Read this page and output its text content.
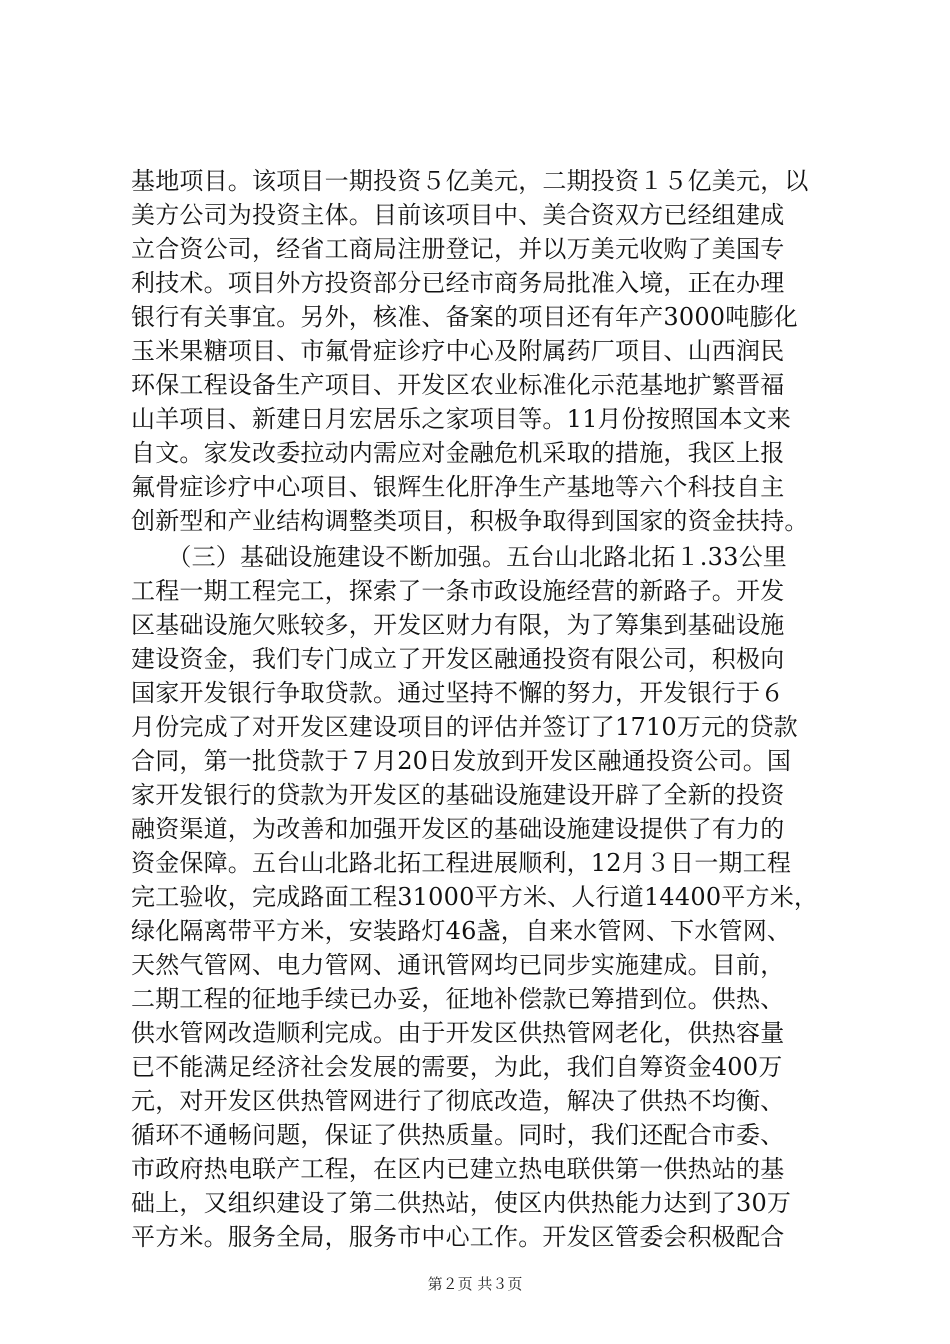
基地项目。该项目一期投资５亿美元，二期投资１５亿美元，以
美方公司为投资主体。目前该项目中、美合资双方已经组建成
立合资公司，经省工商局注册登记，并以万美元收购了美国专
利技术。项目外方投资部分已经市商务局批准入境，正在办理
银行有关事宜。另外，核准、备案的项目还有年产3000吨膨化
玉米果糖项目、市氟骨症诊疗中心及附属药厂项目、山西润民
环保工程设备生产项目、开发区农业标准化示范基地扩繁晋福
山羊项目、新建日月宏居乐之家项目等。11月份按照国本文来
自文。家发改委拉动内需应对金融危机采取的措施，我区上报
氟骨症诊疗中心项目、银辉生化肝净生产基地等六个科技自主
创新型和产业结构调整类项目，积极争取得到国家的资金扶持。
　　（三）基础设施建设不断加强。五台山北路北拓１.33公里
工程一期工程完工，探索了一条市政设施经营的新路子。开发
区基础设施欠账较多，开发区财力有限，为了筹集到基础设施
建设资金，我们专门成立了开发区融通投资有限公司，积极向
国家开发银行争取贷款。通过坚持不懈的努力，开发银行于６
月份完成了对开发区建设项目的评估并签订了1710万元的贷款
合同，第一批贷款于７月20日发放到开发区融通投资公司。国
家开发银行的贷款为开发区的基础设施建设开辟了全新的投资
融资渠道，为改善和加强开发区的基础设施建设提供了有力的
资金保障。五台山北路北拓工程进展顺利，12月３日一期工程
完工验收，完成路面工程31000平方米、人行道14400平方米，
绿化隔离带平方米，安装路灯46盏，自来水管网、下水管网、
天然气管网、电力管网、通讯管网均已同步实施建成。目前，
二期工程的征地手续已办妥，征地补偿款已筹措到位。供热、
供水管网改造顺利完成。由于开发区供热管网老化，供热容量
已不能满足经济社会发展的需要，为此，我们自筹资金400万
元，对开发区供热管网进行了彻底改造，解决了供热不均衡、
循环不通畅问题，保证了供热质量。同时，我们还配合市委、
市政府热电联产工程，在区内已建立热电联供第一供热站的基
础上，又组织建设了第二供热站，使区内供热能力达到了30万
平方米。服务全局，服务市中心工作。开发区管委会积极配合
第２页 共３页
